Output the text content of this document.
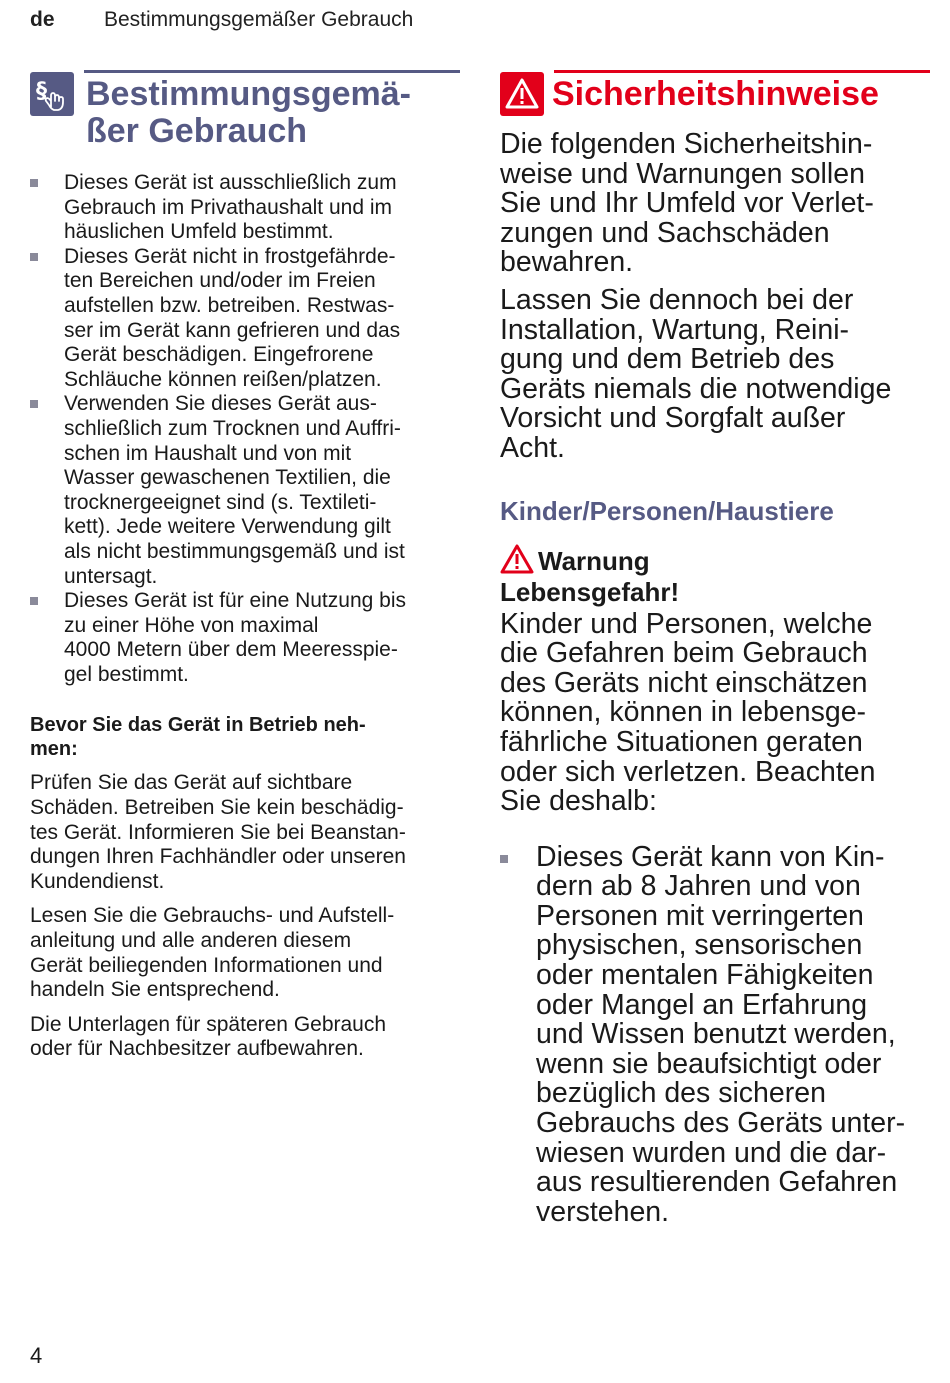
de Bestimmungsgemäßer Gebrauch
§	Bestimmungsgemä-
ßer Gebrauch
Dieses Gerät ist ausschließlich zum
Gebrauch im Privathaushalt und im
häuslichen Umfeld bestimmt.
Dieses Gerät nicht in frostgefährde-
ten Bereichen und/oder im Freien
aufstellen bzw. betreiben. Restwas-
ser im Gerät kann gefrieren und das
Gerät beschädigen. Eingefrorene
Schläuche können reißen/platzen.
Verwenden Sie dieses Gerät aus-
schließlich zum Trocknen und Auffri-
schen im Haushalt und von mit
Wasser gewaschenen Textilien, die
trocknergeeignet sind (s. Textileti-
kett). Jede weitere Verwendung gilt
als nicht bestimmungsgemäß und ist
untersagt.
Dieses Gerät ist für eine Nutzung bis
zu einer Höhe von maximal
4000 Metern über dem Meeresspie-
gel bestimmt.
Bevor Sie das Gerät in Betrieb neh-
men:

Prüfen Sie das Gerät auf sichtbare
Schäden. Betreiben Sie kein beschädig-
tes Gerät. Informieren Sie bei Beanstan-
dungen Ihren Fachhändler oder unseren
Kundendienst.

Lesen Sie die Gebrauchs- und Aufstell-
anleitung und alle anderen diesem
Gerät beiliegenden Informationen und
handeln Sie entsprechend.

Die Unterlagen für späteren Gebrauch
oder für Nachbesitzer aufbewahren.

Sicherheitshinweise

Die folgenden Sicherheitshin-
weise und Warnungen sollen
Sie und Ihr Umfeld vor Verlet-
zungen und Sachschäden
bewahren.

Lassen Sie dennoch bei der
Installation, Wartung, Reini-
gung und dem Betrieb des
Geräts niemals die notwendige
Vorsicht und Sorgfalt außer
Acht.

Kinder/Personen/Haustiere
Warnung
Lebensgefahr!

Kinder und Personen, welche
die Gefahren beim Gebrauch
des Geräts nicht einschätzen
können, können in lebensge-
fährliche Situationen geraten
oder sich verletzen. Beachten
Sie deshalb:

Dieses Gerät kann von Kin-
dern ab 8 Jahren und von
Personen mit verringerten
physischen, sensorischen
oder mentalen Fähigkeiten
oder Mangel an Erfahrung
und Wissen benutzt werden,
wenn sie beaufsichtigt oder
bezüglich des sicheren
Gebrauchs des Geräts unter-
wiesen wurden und die dar-
aus resultierenden Gefahren
verstehen.
4
